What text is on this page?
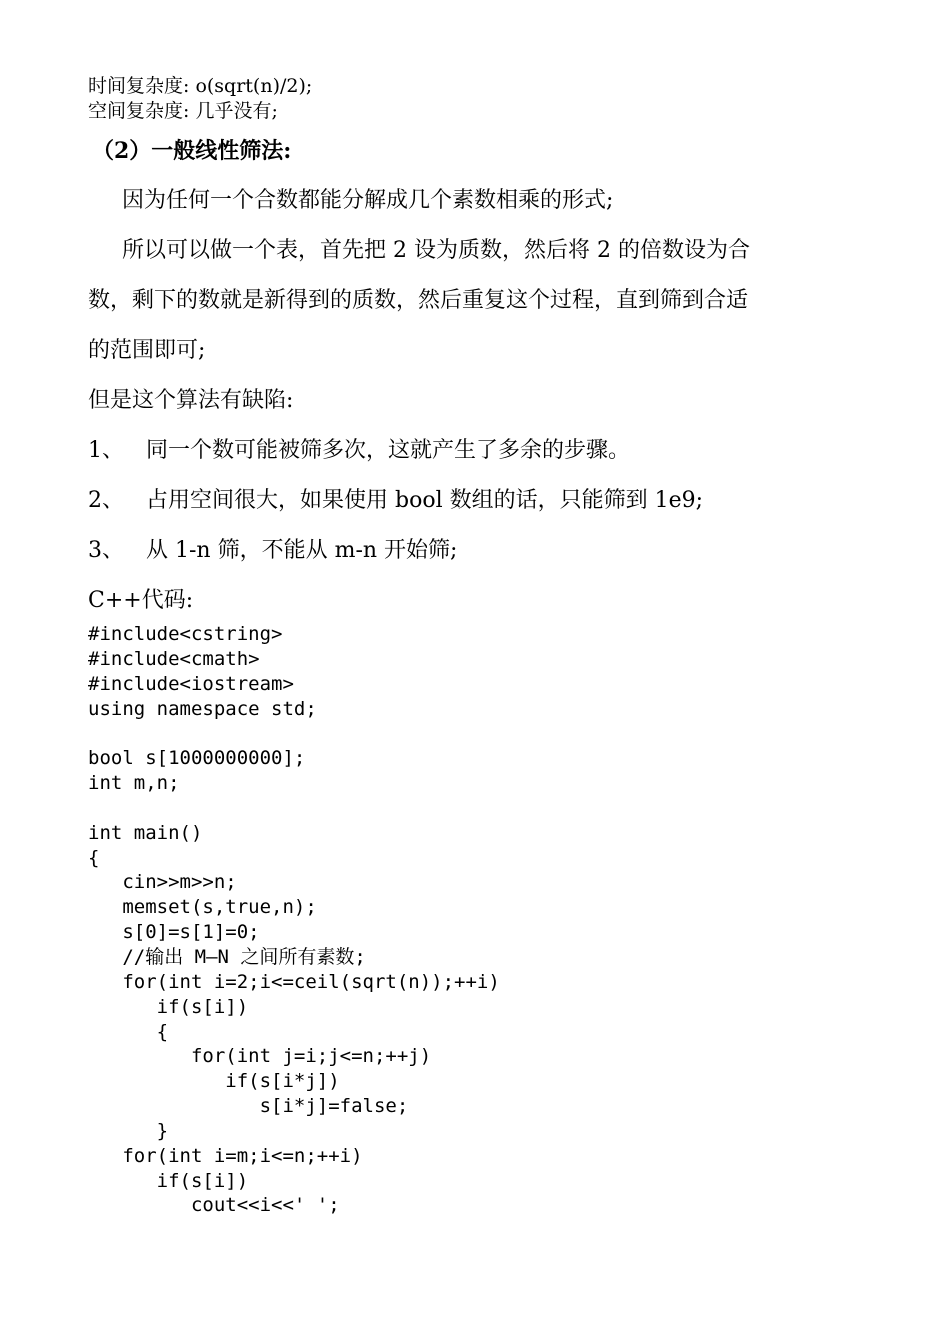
时间复杂度: o(sqrt(n)/2);
空间复杂度: 几乎没有;
（2）一般线性筛法:
因为任何一个合数都能分解成几个素数相乘的形式;
所以可以做一个表，首先把 2 设为质数，然后将 2 的倍数设为合
数，剩下的数就是新得到的质数，然后重复这个过程，直到筛到合适
的范围即可;
但是这个算法有缺陷:
1、 同一个数可能被筛多次，这就产生了多余的步骤。
2、 占用空间很大，如果使用 bool 数组的话，只能筛到 1e9;
3、 从 1-n 筛，不能从 m-n 开始筛;
C++代码:
#include<cstring>
#include<cmath>
#include<iostream>
using namespace std;
bool s[1000000000];
int m,n;
int main()
{
cin>>m>>n;
memset(s,true,n);
s[0]=s[1]=0;
//输出 M—N 之间所有素数;
for(int i=2;i<=ceil(sqrt(n));++i)
if(s[i])
{
for(int j=i;j<=n;++j)
if(s[i*j])
s[i*j]=false;
}
for(int i=m;i<=n;++i)
if(s[i])
cout<<i<<' ';
